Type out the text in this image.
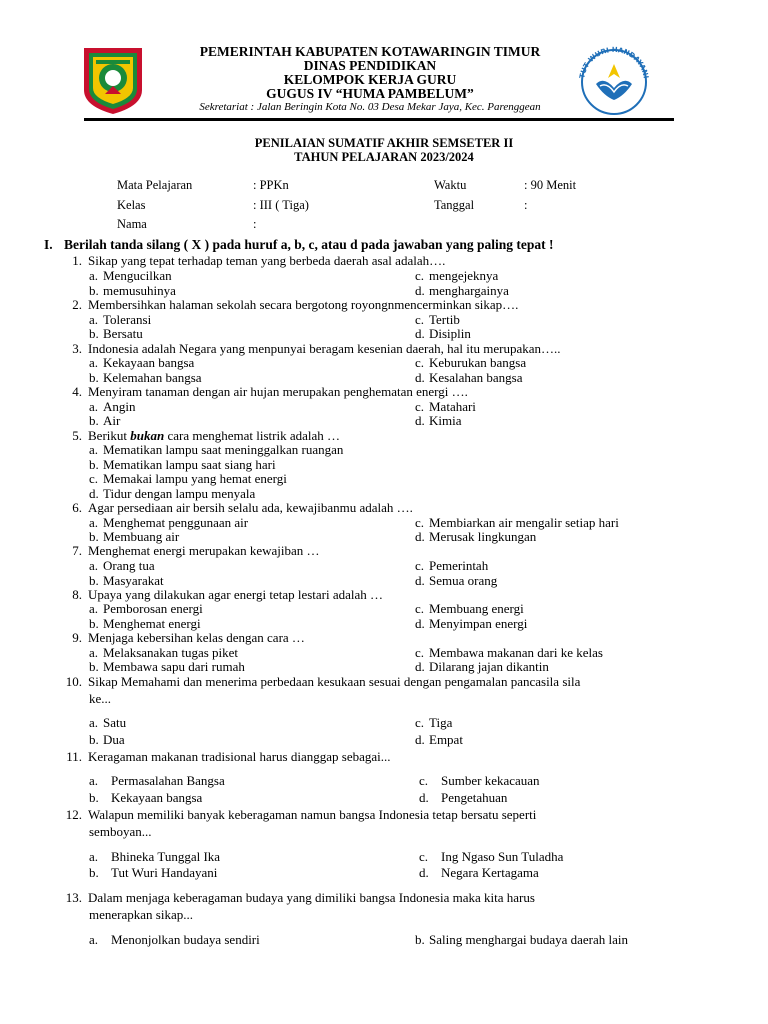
PEMERINTAH KABUPATEN KOTAWARINGIN TIMUR
DINAS PENDIDIKAN
KELOMPOK KERJA GURU
GUGUS IV “HUMA PAMBELUM”
Sekretariat : Jalan Beringin Kota No. 03 Desa Mekar Jaya, Kec. Parenggean
TUT WURI HANDAYANI
PENILAIAN SUMATIF AKHIR SEMSETER II
TAHUN PELAJARAN 2023/2024
Mata Pelajaran	: PPKn	Waktu	: 90 Menit
Kelas	: III ( Tiga)	Tanggal	:
Nama	:
I. Berilah tanda silang ( X ) pada huruf a, b, c, atau d pada jawaban yang paling tepat !
1. Sikap yang tepat terhadap teman yang berbeda daerah asal adalah….
a. Mengucilkan	c. mengejeknya
b. memusuhinya	d. menghargainya
2. Membersihkan halaman sekolah secara bergotong royongnmencerminkan sikap….
a. Toleransi	c. Tertib
b. Bersatu	d. Disiplin
3. Indonesia adalah Negara yang menpunyai beragam kesenian daerah, hal itu merupakan…..
a. Kekayaan bangsa	c. Keburukan bangsa
b. Kelemahan bangsa	d. Kesalahan bangsa
4. Menyiram tanaman dengan air hujan merupakan penghematan energi ….
a. Angin	c. Matahari
b. Air	d. Kimia
5. Berikut bukan cara menghemat listrik adalah …
a. Mematikan lampu saat meninggalkan ruangan
b. Mematikan lampu saat siang hari
c. Memakai lampu yang hemat energi
d. Tidur dengan lampu menyala
6. Agar persediaan air bersih selalu ada, kewajibanmu adalah ….
a. Menghemat penggunaan air	c. Membiarkan air mengalir setiap hari
b. Membuang air	d. Merusak lingkungan
7. Menghemat energi merupakan kewajiban …
a. Orang tua	c. Pemerintah
b. Masyarakat	d. Semua orang
8. Upaya yang dilakukan agar energi tetap lestari adalah …
a. Pemborosan energi	c. Membuang energi
b. Menghemat energi	d. Menyimpan energi
9. Menjaga kebersihan kelas dengan cara …
a. Melaksanakan tugas piket	c. Membawa makanan dari ke kelas
b. Membawa sapu dari rumah	d. Dilarang jajan dikantin
10. Sikap Memahami dan menerima perbedaan kesukaan sesuai dengan pengamalan pancasila sila
ke...
a. Satu	c. Tiga
b. Dua	d. Empat
11. Keragaman makanan tradisional harus dianggap sebagai...
a. Permasalahan Bangsa	c. Sumber kekacauan
b. Kekayaan bangsa	d. Pengetahuan
12. Walapun memiliki banyak keberagaman namun bangsa Indonesia tetap bersatu seperti
semboyan...
a. Bhineka Tunggal Ika	c. Ing Ngaso Sun Tuladha
b. Tut Wuri Handayani	d. Negara Kertagama
13. Dalam menjaga keberagaman budaya yang dimiliki bangsa Indonesia maka kita harus
menerapkan sikap...
a. Menonjolkan budaya sendiri	b. Saling menghargai budaya daerah lain
